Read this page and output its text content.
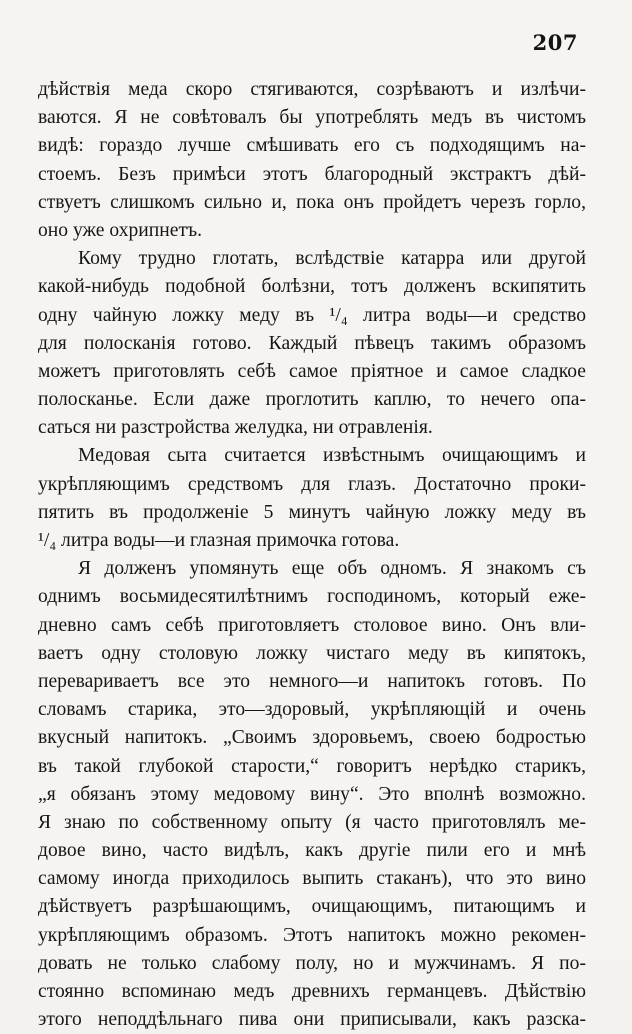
207
дѣйствія меда скоро стягиваются, созрѣваютъ и излѣчи-
ваются. Я не совѣтовалъ бы употреблять медъ въ чистомъ
видѣ: гораздо лучше смѣшивать его съ подходящимъ на-
стоемъ. Безъ примѣси этотъ благородный экстрактъ дѣй-
ствуетъ слишкомъ сильно и, пока онъ пройдетъ черезъ горло,
оно уже охрипнетъ.
Кому трудно глотать, вслѣдствіе катарра или другой
какой-нибудь подобной болѣзни, тотъ долженъ вскипятить
одну чайную ложку меду въ ¹/₄ литра воды—и средство
для полосканія готово. Каждый пѣвецъ такимъ образомъ
можетъ приготовлять себѣ самое пріятное и самое сладкое
полосканье. Если даже проглотить каплю, то нечего опа-
саться ни разстройства желудка, ни отравленія.
Медовая сыта считается извѣстнымъ очищающимъ и
укрѣпляющимъ средствомъ для глазъ. Достаточно проки-
пятить въ продолженіе 5 минутъ чайную ложку меду въ
¹/₄ литра воды—и глазная примочка готова.
Я долженъ упомянуть еще объ одномъ. Я знакомъ съ
однимъ восьмидесятилѣтнимъ господиномъ, который еже-
дневно самъ себѣ приготовляетъ столовое вино. Онъ вли-
ваетъ одну столовую ложку чистаго меду въ кипятокъ,
перевариваетъ все это немного—и напитокъ готовъ. По
словамъ старика, это—здоровый, укрѣпляющій и очень
вкусный напитокъ. „Своимъ здоровьемъ, своею бодростью
въ такой глубокой старости,“ говоритъ нерѣдко старикъ,
„я обязанъ этому медовому вину“. Это вполнѣ возможно.
Я знаю по собственному опыту (я часто приготовлялъ ме-
довое вино, часто видѣлъ, какъ другіе пили его и мнѣ
самому иногда приходилось выпить стаканъ), что это вино
дѣйствуетъ разрѣшающимъ, очищающимъ, питающимъ и
укрѣпляющимъ образомъ. Этотъ напитокъ можно рекомен-
довать не только слабому полу, но и мужчинамъ. Я по-
стоянно вспоминаю медъ древнихъ германцевъ. Дѣйствію
этого неподдѣльнаго пива они приписывали, какъ разска-
